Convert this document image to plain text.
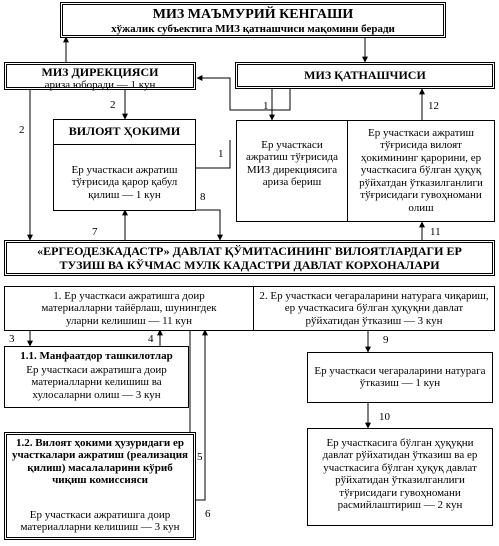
МИЗ МАЪМУРИЙ КЕНГАШИ
хўжалик субъектига МИЗ қатнашчиси мақомини беради
МИЗ ДИРЕКЦИЯСИ
ариза юборади — 1 кун
МИЗ ҚАТНАШЧИСИ
Ер участкаси ажратиш тўғрисида МИЗ дирекциясига ариза бериш
Ер участкаси ажратиш тўғрисида вилоят ҳокимининг қарорини, ер участкасига бўлган ҳуқуқ рўйхатдан ўтказилганлиги тўғрисидаги гувоҳномани олиш
ВИЛОЯТ ҲОКИМИ
Ер участкаси ажратиш тўғрисида қарор қабул қилиш — 1 кун
«ЕРГЕОДЕЗКАДАСТР» ДАВЛАТ ҚЎМИТАСИНИНГ ВИЛОЯТЛАРДАГИ ЕР ТУЗИШ ВА КЎЧМАС МУЛК КАДАСТРИ ДАВЛАТ КОРХОНАЛАРИ
1. Ер участкаси ажратишга доир материалларни тайёрлаш, шунингдек уларни келишиш — 11 кун
2. Ер участкаси чегараларини натурага чиқариш, ер участкасига бўлган ҳуқуқни давлат рўйхатидан ўтказиш — 3 кун
1.1. Манфаатдор ташкилотлар
Ер участкаси ажратишга доир материалларни келишиш ва хулосаларни олиш — 3 кун
1.2. Вилоят ҳокими ҳузуридаги ер участкалари ажратиш (реализация қилиш) масалаларини кўриб чиқиш комиссияси
Ер участкаси ажратишга доир материалларни келишиш — 3 кун
Ер участкаси чегараларини натурага ўтказиш — 1 кун
Ер участкасига бўлган ҳуқуқни давлат рўйхатидан ўтказиш ва ер участкасига бўлган ҳуқуқ давлат рўйхатидан ўтказилганлиги тўғрисидаги гувоҳномани расмийлаштириш — 2 кун
2
2	1	12
1
8
7	11
3	4
5
6
9
10
